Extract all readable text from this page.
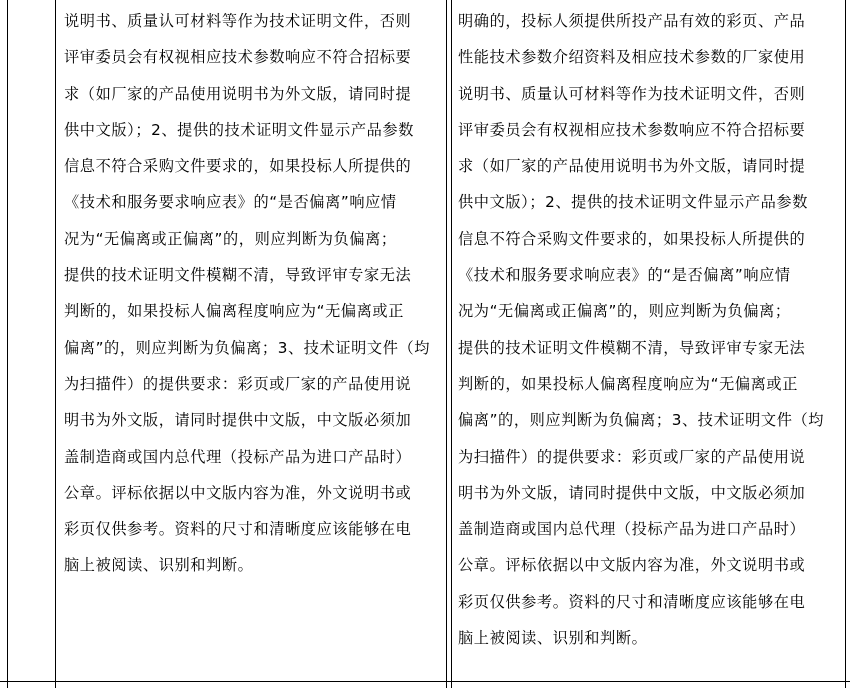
说明书、质量认可材料等作为技术证明文件，否则
评审委员会有权视相应技术参数响应不符合招标要
求（如厂家的产品使用说明书为外文版，请同时提
供中文版）；2、提供的技术证明文件显示产品参数
信息不符合采购文件要求的，如果投标人所提供的
《技术和服务要求响应表》的“是否偏离”响应情
况为“无偏离或正偏离”的，则应判断为负偏离；
提供的技术证明文件模糊不清，导致评审专家无法
判断的，如果投标人偏离程度响应为“无偏离或正
偏离”的，则应判断为负偏离；3、技术证明文件（均
为扫描件）的提供要求：彩页或厂家的产品使用说
明书为外文版，请同时提供中文版，中文版必须加
盖制造商或国内总代理（投标产品为进口产品时）
公章。评标依据以中文版内容为准，外文说明书或
彩页仅供参考。资料的尺寸和清晰度应该能够在电
脑上被阅读、识别和判断。
明确的，投标人须提供所投产品有效的彩页、产品
性能技术参数介绍资料及相应技术参数的厂家使用
说明书、质量认可材料等作为技术证明文件，否则
评审委员会有权视相应技术参数响应不符合招标要
求（如厂家的产品使用说明书为外文版，请同时提
供中文版）；2、提供的技术证明文件显示产品参数
信息不符合采购文件要求的，如果投标人所提供的
《技术和服务要求响应表》的“是否偏离”响应情
况为“无偏离或正偏离”的，则应判断为负偏离；
提供的技术证明文件模糊不清，导致评审专家无法
判断的，如果投标人偏离程度响应为“无偏离或正
偏离”的，则应判断为负偏离；3、技术证明文件（均
为扫描件）的提供要求：彩页或厂家的产品使用说
明书为外文版，请同时提供中文版，中文版必须加
盖制造商或国内总代理（投标产品为进口产品时）
公章。评标依据以中文版内容为准，外文说明书或
彩页仅供参考。资料的尺寸和清晰度应该能够在电
脑上被阅读、识别和判断。
